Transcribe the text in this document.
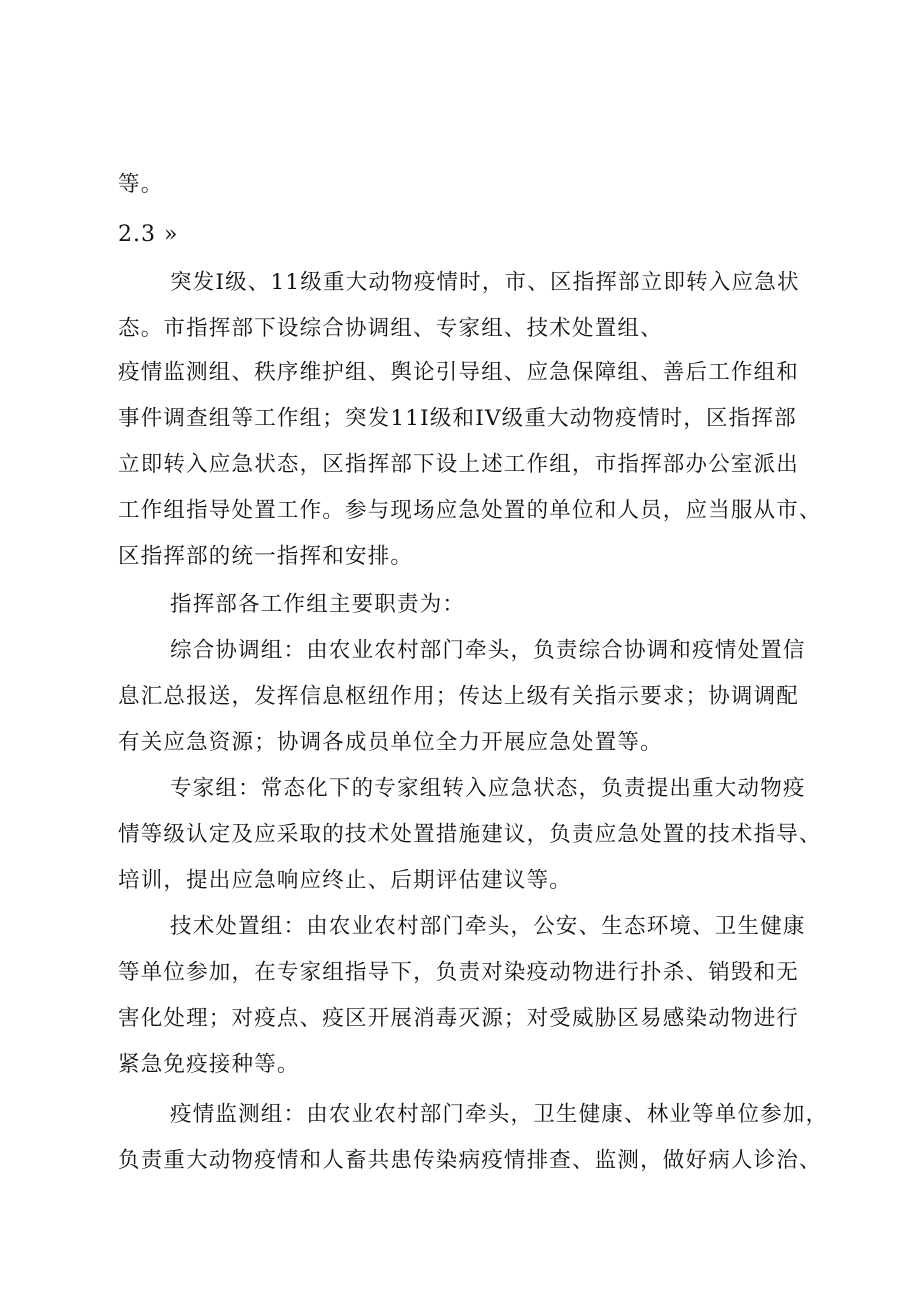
等。
2.3 »
突发I级、11级重大动物疫情时，市、区指挥部立即转入应急状
态。市指挥部下设综合协调组、专家组、技术处置组、
疫情监测组、秩序维护组、舆论引导组、应急保障组、善后工作组和
事件调查组等工作组；突发11I级和IV级重大动物疫情时，区指挥部
立即转入应急状态，区指挥部下设上述工作组，市指挥部办公室派出
工作组指导处置工作。参与现场应急处置的单位和人员，应当服从市、
区指挥部的统一指挥和安排。
指挥部各工作组主要职责为：
综合协调组：由农业农村部门牵头，负责综合协调和疫情处置信
息汇总报送，发挥信息枢纽作用；传达上级有关指示要求；协调调配
有关应急资源；协调各成员单位全力开展应急处置等。
专家组：常态化下的专家组转入应急状态，负责提出重大动物疫
情等级认定及应采取的技术处置措施建议，负责应急处置的技术指导、
培训，提出应急响应终止、后期评估建议等。
技术处置组：由农业农村部门牵头，公安、生态环境、卫生健康
等单位参加，在专家组指导下，负责对染疫动物进行扑杀、销毁和无
害化处理；对疫点、疫区开展消毒灭源；对受威胁区易感染动物进行
紧急免疫接种等。
疫情监测组：由农业农村部门牵头，卫生健康、林业等单位参加，
负责重大动物疫情和人畜共患传染病疫情排查、监测，做好病人诊治、
